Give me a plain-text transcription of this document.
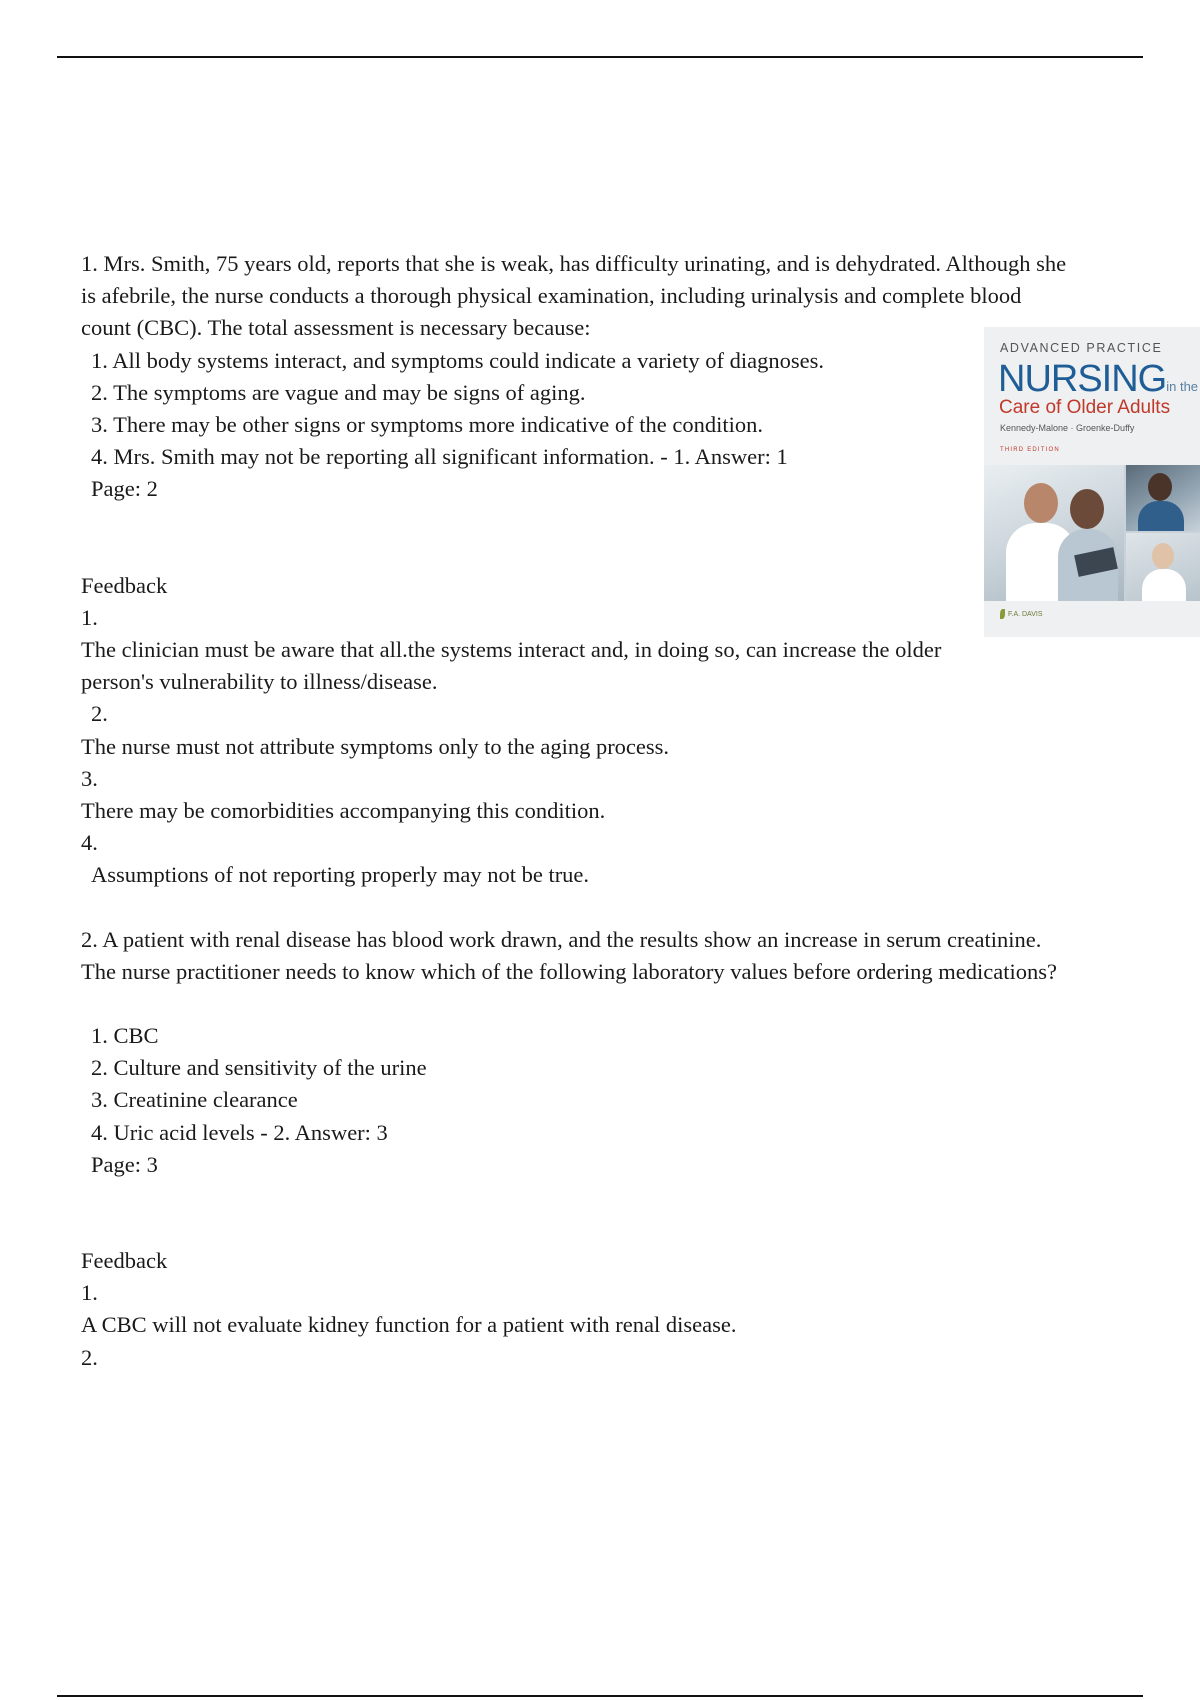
1. Mrs. Smith, 75 years old, reports that she is weak, has difficulty urinating, and is dehydrated. Although she is afebrile, the nurse conducts a thorough physical examination, including urinalysis and complete blood count (CBC). The total assessment is necessary because:

1. All body systems interact, and symptoms could indicate a variety of diagnoses.

2. The symptoms are vague and may be signs of aging.

3. There may be other signs or symptoms more indicative of the condition.

4. Mrs. Smith may not be reporting all significant information. - 1. Answer: 1

Page: 2

Feedback

1.

The clinician must be aware that all.the systems interact and, in doing so, can increase the older person's vulnerability to illness/disease.

2.

The nurse must not attribute symptoms only to the aging process.

3.

There may be comorbidities accompanying this condition.

4.

Assumptions of not reporting properly may not be true.

2. A patient with renal disease has blood work drawn, and the results show an increase in serum creatinine. The nurse practitioner needs to know which of the following laboratory values before ordering medications?

1. CBC

2. Culture and sensitivity of the urine

3. Creatinine clearance

4. Uric acid levels - 2. Answer: 3

Page: 3

Feedback

1.

A CBC will not evaluate kidney function for a patient with renal disease.

2.

ADVANCED PRACTICE
NURSINGin the
Care of Older Adults
Kennedy-Malone · Groenke-Duffy
THIRD EDITION
F.A. DAVIS
